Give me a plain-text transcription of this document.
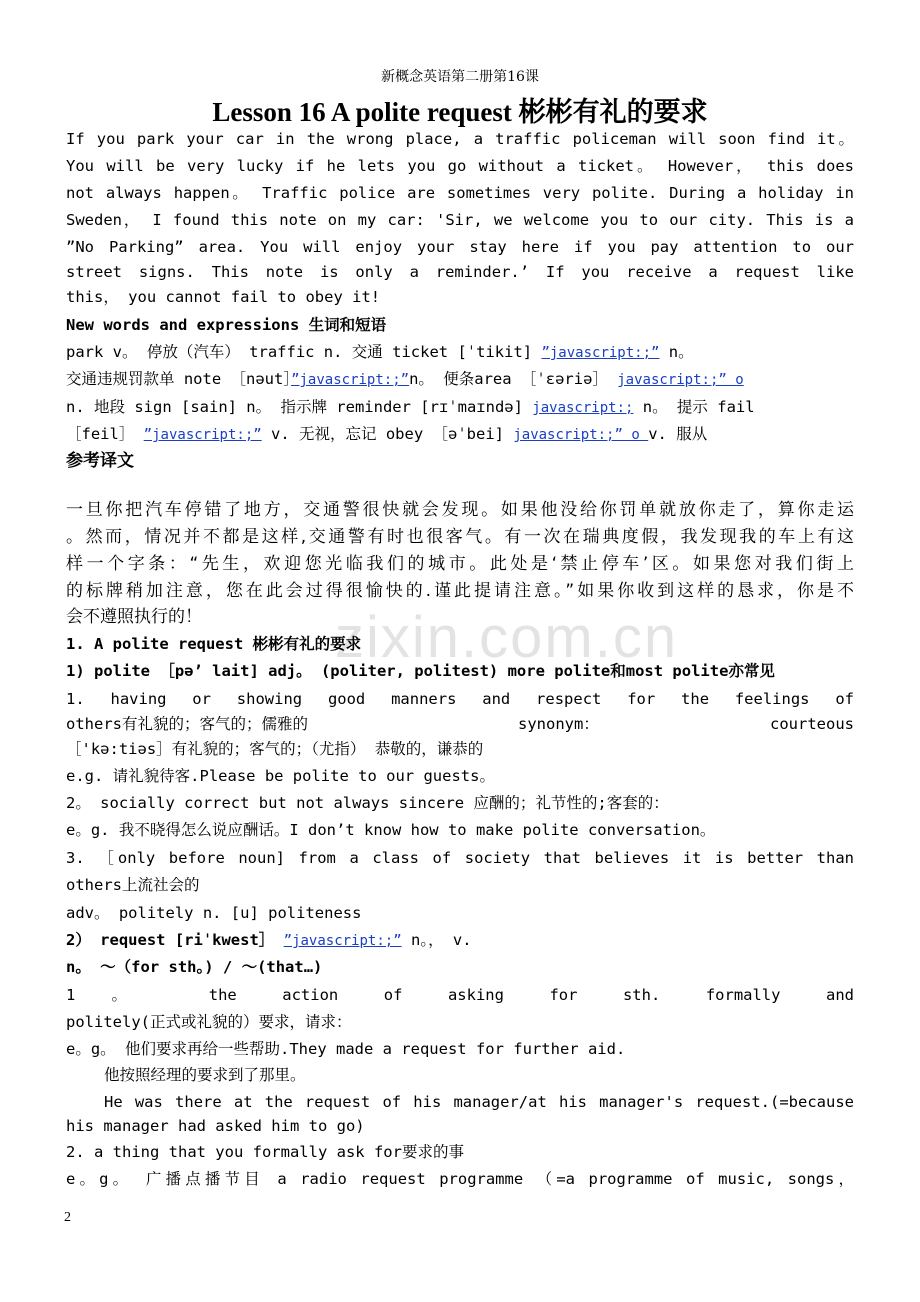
新概念英语第二册第16课
Lesson 16 A polite request 彬彬有礼的要求
If you park your car in the wrong place, a traffic policeman will soon find it。
You will be very lucky if he lets you go without a ticket。 However， this does
not always happen。 Traffic police are sometimes very polite. During a holiday in
Sweden， I found this note on my car: 'Sir, we welcome you to our city. This is a
”No Parking” area. You will enjoy your stay here if you pay attention to our
street signs. This note is only a reminder.’ If you receive a request like
this， you cannot fail to obey it!
New words and expressions 生词和短语
park v。 停放（汽车） traffic n. 交通 ticket [ˈtikit] ”javascript:;” n。
交通违规罚款单 note ［nəut］”javascript:;”n。 便条area ［ˈɛəriə］ javascript:;” o
n. 地段 sign [sain] n。 指示牌 reminder [rɪˈmaɪndə] javascript:; n。 提示 fail
［feil］ ”javascript:;” v. 无视，忘记 obey ［əˈbei] javascript:;” o v. 服从
参考译文
一旦你把汽车停错了地方，交通警很快就会发现。如果他没给你罚单就放你走了，算你走运
。然而，情况并不都是这样,交通警有时也很客气。有一次在瑞典度假，我发现我的车上有这
样一个字条：“先生，欢迎您光临我们的城市。此处是‘禁止停车’区。如果您对我们街上
的标牌稍加注意，您在此会过得很愉快的.谨此提请注意。”如果你收到这样的恳求，你是不
会不遵照执行的！	zixin.com.cn
1. A polite request 彬彬有礼的要求
1) polite ［pə’ lait] adj。 (politer, politest) more polite和most polite亦常见
1. having or showing good manners and respect for the feelings of
others有礼貌的；客气的；儒雅的	synonym：	courteous
［'kə:tiəs］有礼貌的；客气的；（尤指） 恭敬的，谦恭的
e.g. 请礼貌待客.Please be polite to our guests。
2。 socially correct but not always sincere 应酬的；礼节性的;客套的：
e。g. 我不晓得怎么说应酬话。I don’t know how to make polite conversation。
3. ［only before noun] from a class of society that believes it is better than
others上流社会的
adv。 politely n. [u] politeness
2） request [riˈkwest］ ”javascript:;” n。， v.
n。 ～（for sth。) / ～(that…)
1。 the action of asking for sth. formally and
politely(正式或礼貌的）要求，请求：
e。g。 他们要求再给一些帮助.They made a request for further aid.
他按照经理的要求到了那里。
He was there at the request of his manager/at his manager's request.(=because
his manager had asked him to go)
2. a thing that you formally ask for要求的事
e。g。 广播点播节目 a radio request programme （=a programme of music, songs，
2
